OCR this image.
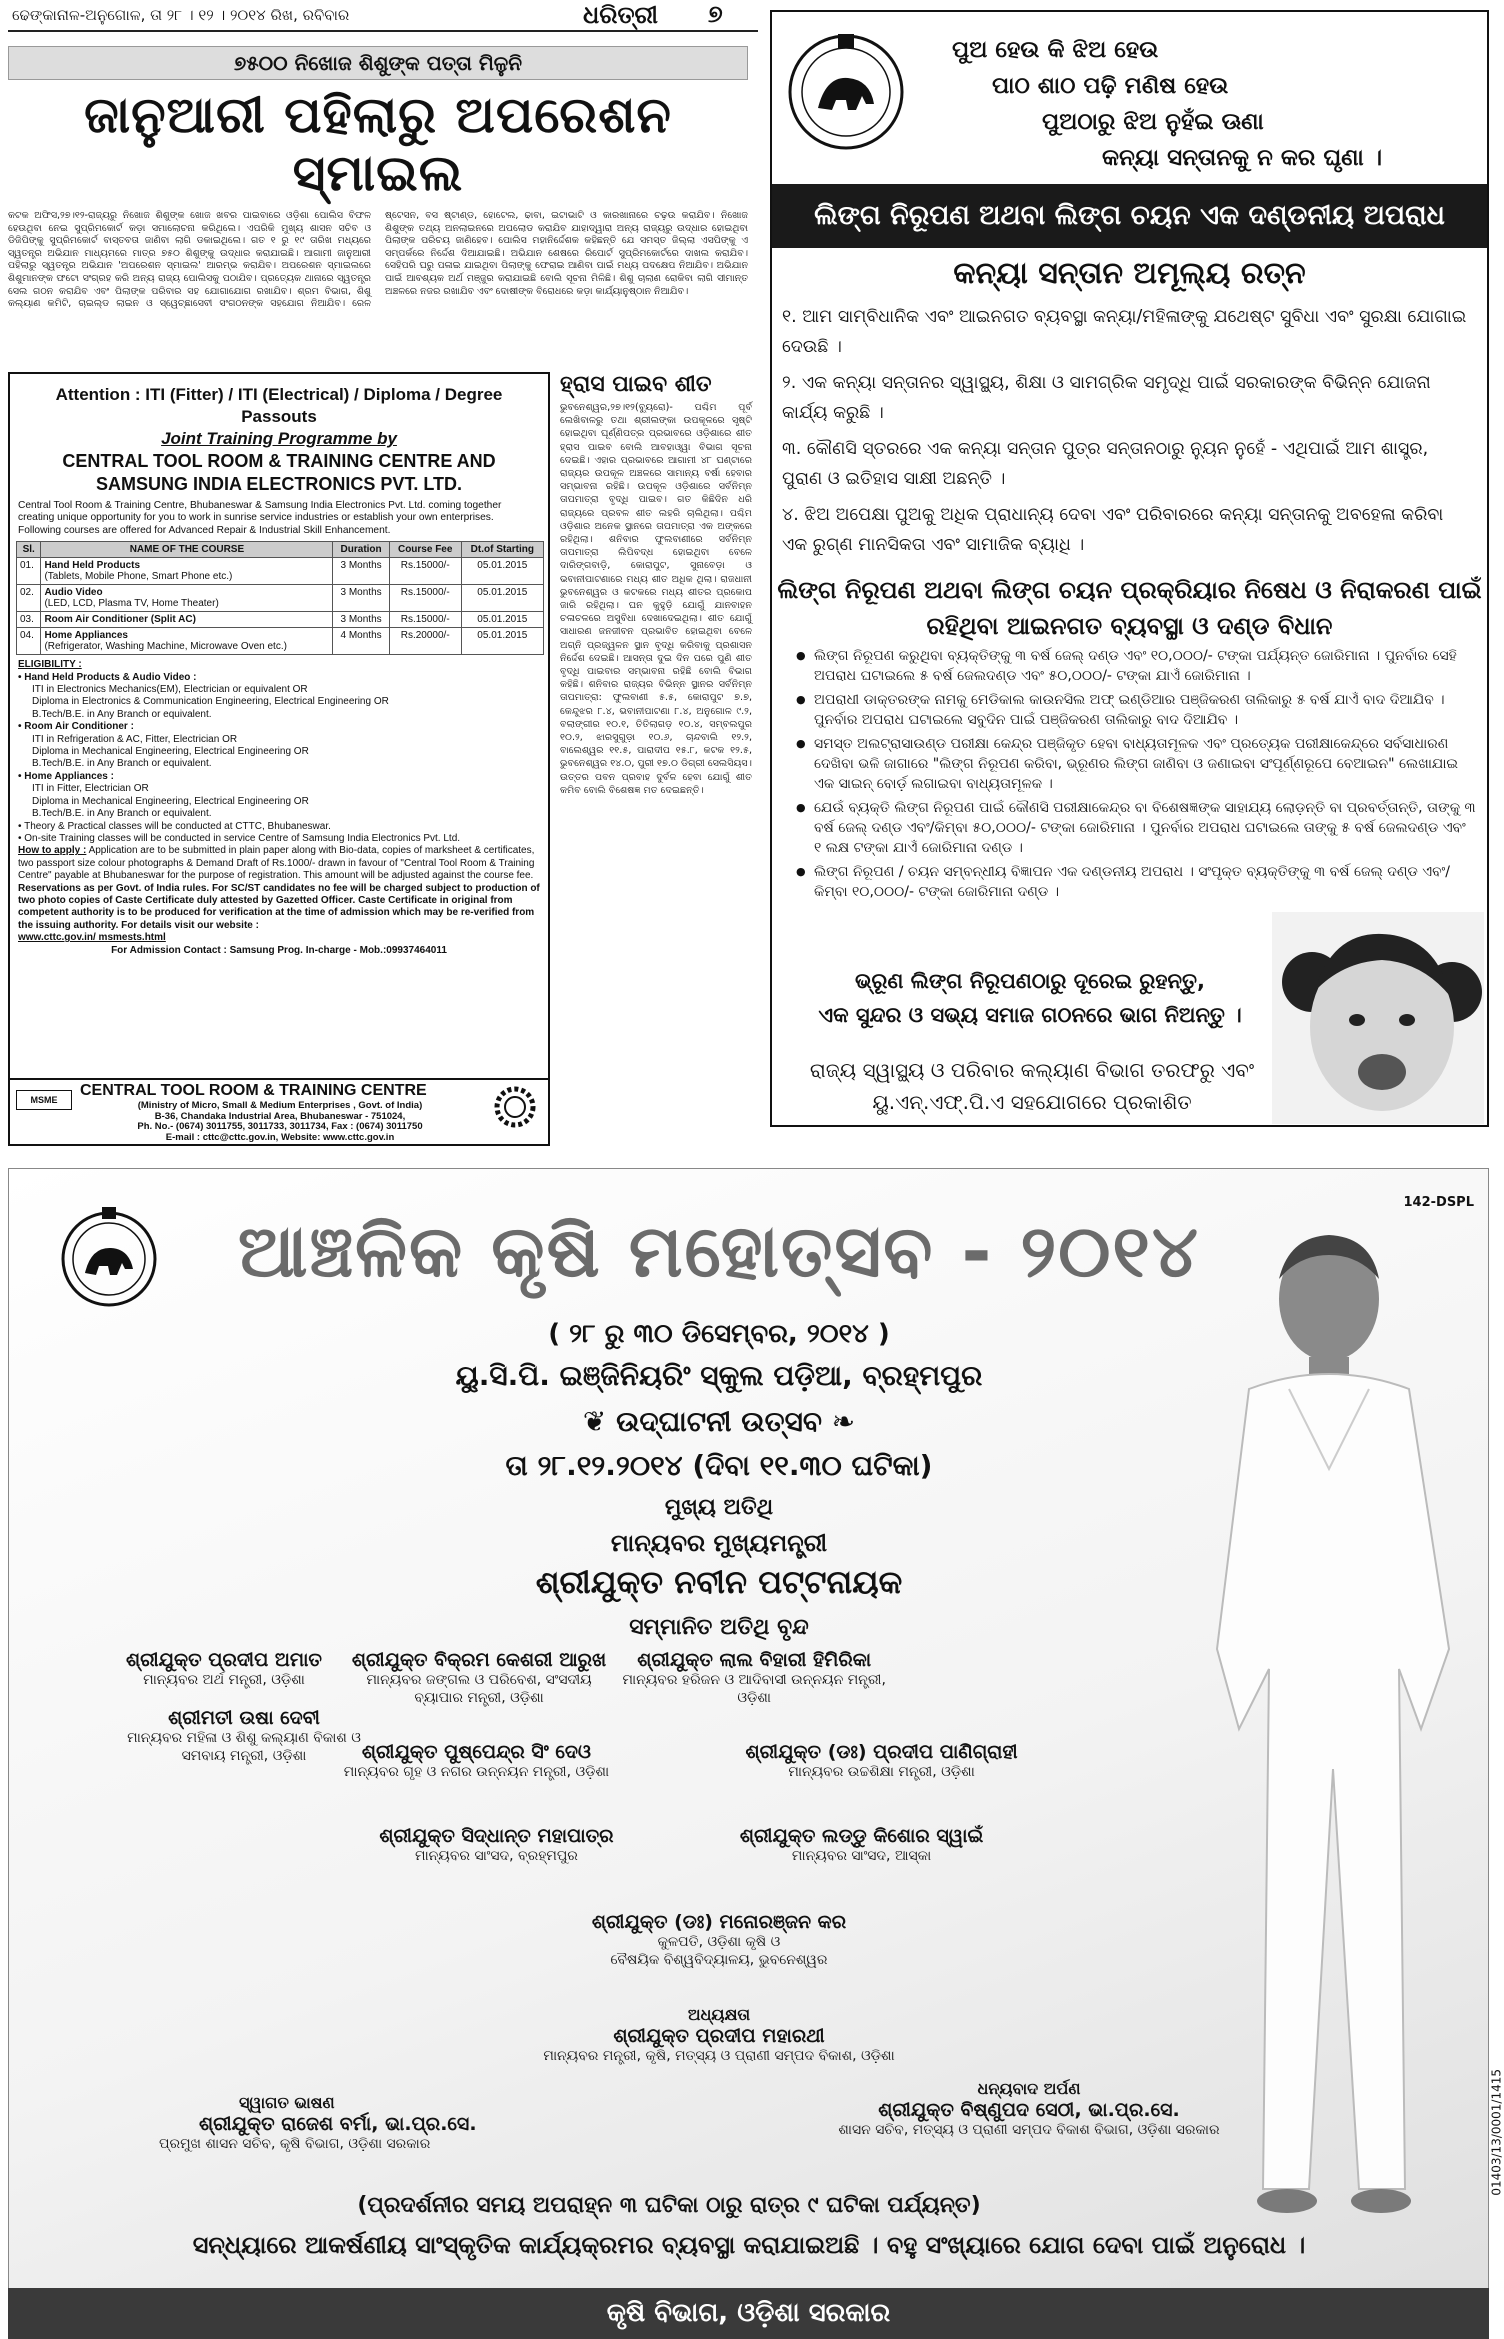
ଢେଙ୍କାନାଳ-ଅନୁଗୋଳ, ତା ୨୮ । ୧୨ । ୨୦୧୪ ରିଖ, ରବିବାର	ଧରିତ୍ରୀ ୭
୭୫୦୦ ନିଖୋଜ ଶିଶୁଙ୍କ ପତ୍ତା ମିଳୁନି
ଜାନୁଆରୀ ପହିଲାରୁ ଅପରେଶନ ସ୍ମାଇଲ
କଟକ ଅଫିସ,୨୭।୧୨-ରାଜ୍ୟରୁ ନିଖୋଜ ଶିଶୁଙ୍କ ଖୋଜ ଖବର ପାଇବାରେ ଓଡ଼ିଶା ପୋଲିସ ବିଫଳ ହେଉଥିବା ନେଇ ସୁପ୍ରିମକୋର୍ଟ କଡ଼ା ସମାଲୋଚନା କରିଥିଲେ। ଏପରିକି ମୁଖ୍ୟ ଶାସନ ସଚିବ ଓ ଡିଜିପିଙ୍କୁ ସୁପ୍ରିମକୋର୍ଟ ବାସ୍ତବତା ଜାଣିବା ଲାଗି ଡକାଇଥିଲେ। ଗତ ୧ ରୁ ୧୯ ତାରିଖ ମଧ୍ୟରେ ସ୍ୱତନ୍ତ୍ର ଅଭିଯାନ ମାଧ୍ୟମରେ ମାତ୍ର ୭୫୦ ଶିଶୁଙ୍କୁ ଉଦ୍ଧାର କରାଯାଇଛି। ଆଗାମୀ ଜାନୁଆରୀ ପହିଲାରୁ ସ୍ୱତନ୍ତ୍ର ଅଭିଯାନ 'ଅପରେଶନ ସ୍ମାଇଲ' ଆରମ୍ଭ କରାଯିବ। ଅପରେଶନ ସ୍ମାଇଲରେ ଶିଶୁମାନଙ୍କ ଫଟୋ ସଂଗ୍ରହ କରି ଅନ୍ୟ ରାଜ୍ୟ ପୋଲିସକୁ ପଠାଯିବ। ପ୍ରତ୍ୟେକ ଥାନାରେ ସ୍ୱତନ୍ତ୍ର ସେଲ ଗଠନ କରାଯିବ ଏବଂ ପିଲାଙ୍କ ପରିବାର ସହ ଯୋଗାଯୋଗ ରଖାଯିବ। ଶ୍ରମ ବିଭାଗ, ଶିଶୁ କଲ୍ୟାଣ କମିଟି, ଚାଇଲ୍ଡ ଲାଇନ ଓ ସ୍ୱେଚ୍ଛାସେବୀ ସଂଗଠନଙ୍କ ସହଯୋଗ ନିଆଯିବ। ରେଳ ଷ୍ଟେସନ, ବସ ଷ୍ଟାଣ୍ଡ, ହୋଟେଲ, ଢାବା, ଇଟାଭାଟି ଓ କାରଖାନାରେ ଚଢ଼ଉ କରାଯିବ। ନିଖୋଜ ଶିଶୁଙ୍କ ତଥ୍ୟ ଅନଲାଇନରେ ଅପଲୋଡ କରାଯିବ ଯାହାଦ୍ୱାରା ଅନ୍ୟ ରାଜ୍ୟରୁ ଉଦ୍ଧାର ହୋଇଥିବା ପିଲାଙ୍କ ପରିଚୟ ଜାଣିହେବ। ପୋଲିସ ମହାନିର୍ଦ୍ଦେଶକ କହିଛନ୍ତି ଯେ ସମସ୍ତ ଜିଲ୍ଲା ଏସପିଙ୍କୁ ଏ ସମ୍ପର୍କରେ ନିର୍ଦ୍ଦେଶ ଦିଆଯାଇଛି। ଅଭିଯାନ ଶେଷରେ ରିପୋର୍ଟ ସୁପ୍ରିମକୋର୍ଟରେ ଦାଖଲ କରାଯିବ। ସେହିପରି ଘରୁ ପଳାଇ ଯାଇଥିବା ପିଲାଙ୍କୁ ଫେରାଇ ଆଣିବା ପାଇଁ ମଧ୍ୟ ପଦକ୍ଷେପ ନିଆଯିବ। ଅଭିଯାନ ପାଇଁ ଆବଶ୍ୟକ ଅର୍ଥ ମଞ୍ଜୁର କରାଯାଇଛି ବୋଲି ସୂଚନା ମିଳିଛି। ଶିଶୁ ଚାଲାଣ ରୋକିବା ଲାଗି ସୀମାନ୍ତ ଅଞ୍ଚଳରେ ନଜର ରଖାଯିବ ଏବଂ ଦୋଷୀଙ୍କ ବିରୋଧରେ କଡ଼ା କାର୍ଯ୍ୟାନୁଷ୍ଠାନ ନିଆଯିବ।
Attention : ITI (Fitter) / ITI (Electrical) / Diploma / Degree Passouts
Joint Training Programme by
CENTRAL TOOL ROOM & TRAINING CENTRE AND SAMSUNG INDIA ELECTRONICS PVT. LTD.
Central Tool Room & Training Centre, Bhubaneswar & Samsung India Electronics Pvt. Ltd. coming together creating unique opportunity for you to work in sunrise service industries or establish your own enterprises.
Following courses are offered for Advanced Repair & Industrial Skill Enhancement.
Sl.	NAME OF THE COURSE	Duration	Course Fee	Dt.of Starting
01.	Hand Held Products
(Tablets, Mobile Phone, Smart Phone etc.)	3 Months	Rs.15000/-	05.01.2015
02.	Audio Video
(LED, LCD, Plasma TV, Home Theater)	3 Months	Rs.15000/-	05.01.2015
03.	Room Air Conditioner (Split AC)	3 Months	Rs.15000/-	05.01.2015
04.	Home Appliances
(Refrigerator, Washing Machine, Microwave Oven etc.)	4 Months	Rs.20000/-	05.01.2015
ELIGIBILITY :
• Hand Held Products & Audio Video :
ITI in Electronics Mechanics(EM), Electrician or equivalent OR
Diploma in Electronics & Communication Engineering, Electrical Engineering OR
B.Tech/B.E. in Any Branch or equivalent.
• Room Air Conditioner :
ITI in Refrigeration & AC, Fitter, Electrician OR
Diploma in Mechanical Engineering, Electrical Engineering OR
B.Tech/B.E. in Any Branch or equivalent.
• Home Appliances :
ITI in Fitter, Electrician OR
Diploma in Mechanical Engineering, Electrical Engineering OR
B.Tech/B.E. in Any Branch or equivalent.
• Theory & Practical classes will be conducted at CTTC, Bhubaneswar.
• On-site Training classes will be conducted in service Centre of Samsung India Electronics Pvt. Ltd.
How to apply : Application are to be submitted in plain paper along with Bio-data, copies of marksheet & certificates, two passport size colour photographs & Demand Draft of Rs.1000/- drawn in favour of "Central Tool Room & Training Centre" payable at Bhubaneswar for the purpose of registration. This amount will be adjusted against the course fee.
Reservations as per Govt. of India rules. For SC/ST candidates no fee will be charged subject to production of two photo copies of Caste Certificate duly attested by Gazetted Officer. Caste Certificate in original from competent authority is to be produced for verification at the time of admission which may be re-verified from the issuing authority. For details visit our website :
www.cttc.gov.in/ msmests.html
For Admission Contact : Samsung Prog. In-charge - Mob.:09937464011
MSME
CENTRAL TOOL ROOM & TRAINING CENTRE
(Ministry of Micro, Small & Medium Enterprises , Govt. of India)
B-36, Chandaka Industrial Area, Bhubaneswar - 751024,
Ph. No.- (0674) 3011755, 3011733, 3011734, Fax : (0674) 3011750
E-mail : cttc@cttc.gov.in, Website: www.cttc.gov.in
ହ୍ରାସ ପାଇବ ଶୀତ
ଭୁବନେଶ୍ୱର,୨୭।୧୨(ବ୍ୟୁରୋ)- ପଶ୍ଚିମ ପୂର୍ବ ଲେଖିବାଳରୁ ତଥା ଶ୍ରୀଲଙ୍କା ଉପକୂଳରେ ସୃଷ୍ଟି ହୋଇଥିବା ଘୂର୍ଣ୍ଣିପତ୍ର ପ୍ରଭାବରେ ଓଡ଼ିଶାରେ ଶୀତ ହ୍ରାସ ପାଇବ ବୋଲି ଆବହାଓ୍ୱା ବିଭାଗ ସୂଚନା ଦେଇଛି। ଏହାର ପ୍ରଭାବରେ ଆଗାମୀ ୪୮ ଘଣ୍ଟାରେ ରାଜ୍ୟର ଉପକୂଳ ଅଞ୍ଚଳରେ ସାମାନ୍ୟ ବର୍ଷା ହେବାର ସମ୍ଭାବନା ରହିଛି। ଉପକୂଳ ଓଡ଼ିଶାରେ ସର୍ବନିମ୍ନ ତାପମାତ୍ରା ବୃଦ୍ଧି ପାଇବ। ଗତ କିଛିଦିନ ଧରି ରାଜ୍ୟରେ ପ୍ରବଳ ଶୀତ ଲହରି ଚାଲିଥିଲା। ପଶ୍ଚିମ ଓଡ଼ିଶାର ଅନେକ ସ୍ଥାନରେ ତାପମାତ୍ରା ଏକ ଅଙ୍କରେ ରହିଥିଲା। ଶନିବାର ଫୁଲବାଣୀରେ ସର୍ବନିମ୍ନ ତାପମାତ୍ରା ଲିପିବଦ୍ଧ ହୋଇଥିବା ବେଳେ ଦାରିଙ୍ଗବାଡ଼ି, କୋରାପୁଟ, ସୁନାବେଡ଼ା ଓ ଭବାନୀପାଟଣାରେ ମଧ୍ୟ ଶୀତ ଅଧିକ ଥିଲା। ରାଜଧାନୀ ଭୁବନେଶ୍ୱର ଓ କଟକରେ ମଧ୍ୟ ଶୀତର ପ୍ରକୋପ ଜାରି ରହିଥିଲା। ଘନ କୁହୁଡ଼ି ଯୋଗୁଁ ଯାନବାହନ ଚଳାଚଳରେ ଅସୁବିଧା ଦେଖାଦେଇଥିଲା। ଶୀତ ଯୋଗୁଁ ସାଧାରଣ ଜନଜୀବନ ପ୍ରଭାବିତ ହୋଇଥିବା ବେଳେ ଅଗ୍ନି ପ୍ରଜ୍ୱଳନ ସ୍ଥାନ ବୃଦ୍ଧି କରିବାକୁ ପ୍ରଶାସନ ନିର୍ଦ୍ଦେଶ ଦେଇଛି। ଆସନ୍ତା ଦୁଇ ଦିନ ପରେ ପୁଣି ଶୀତ ବୃଦ୍ଧି ପାଇବାର ସମ୍ଭାବନା ରହିଛି ବୋଲି ବିଭାଗ କହିଛି। ଶନିବାର ରାଜ୍ୟର ବିଭିନ୍ନ ସ୍ଥାନର ସର୍ବନିମ୍ନ ତାପମାତ୍ରା: ଫୁଲବାଣୀ ୫.୫, କୋରାପୁଟ ୭.୭, କେନ୍ଦୁଝର ୮.୪, ଭବାନୀପାଟଣା ୮.୪, ଅନୁଗୋଳ ୯.୨, ବଲାଙ୍ଗୀର ୧୦.୧, ତିତିଲାଗଡ଼ ୧୦.୪, ସମ୍ବଲପୁର ୧୦.୨, ଝାରସୁଗୁଡ଼ା ୧୦.୬, ଚାନ୍ଦବାଲି ୧୨.୨, ବାଲେଶ୍ୱର ୧୧.୫, ପାରାଦୀପ ୧୫.୮, କଟକ ୧୨.୫, ଭୁବନେଶ୍ୱର ୧୪.୦, ପୁରୀ ୧୭.୦ ଡିଗ୍ରୀ ସେଲସିୟସ। ଉତ୍ତର ପବନ ପ୍ରବାହ ଦୁର୍ବଳ ହେବା ଯୋଗୁଁ ଶୀତ କମିବ ବୋଲି ବିଶେଷଜ୍ଞ ମତ ଦେଇଛନ୍ତି।
ପୁଅ ହେଉ କି ଝିଅ ହେଉ
ପାଠ ଶାଠ ପଢ଼ି ମଣିଷ ହେଉ
ପୁଅଠାରୁ ଝିଅ ନୁହଁଇ ଊଣା
କନ୍ୟା ସନ୍ତାନକୁ ନ କର ଘୃଣା ।
ଲିଙ୍ଗ ନିରୂପଣ ଅଥବା ଲିଙ୍ଗ ଚୟନ ଏକ ଦଣ୍ଡନୀୟ ଅପରାଧ
କନ୍ୟା ସନ୍ତାନ ଅମୂଲ୍ୟ ରତ୍ନ
୧. ଆମ ସାମ୍ବିଧାନିକ ଏବଂ ଆଇନଗତ ବ୍ୟବସ୍ଥା କନ୍ୟା/ମହିଳାଙ୍କୁ ଯଥେଷ୍ଟ ସୁବିଧା ଏବଂ ସୁରକ୍ଷା ଯୋଗାଇ ଦେଉଛି ।
୨. ଏକ କନ୍ୟା ସନ୍ତାନର ସ୍ୱାସ୍ଥ୍ୟ, ଶିକ୍ଷା ଓ ସାମଗ୍ରିକ ସମୃଦ୍ଧି ପାଇଁ ସରକାରଙ୍କ ବିଭିନ୍ନ ଯୋଜନା କାର୍ଯ୍ୟ କରୁଛି ।
୩. କୌଣସି ସ୍ତରରେ ଏକ କନ୍ୟା ସନ୍ତାନ ପୁତ୍ର ସନ୍ତାନଠାରୁ ନ୍ୟୁନ ନୁହେଁ - ଏଥିପାଇଁ ଆମ ଶାସ୍ତ୍ର, ପୁରାଣ ଓ ଇତିହାସ ସାକ୍ଷୀ ଅଛନ୍ତି ।
୪. ଝିଅ ଅପେକ୍ଷା ପୁଅକୁ ଅଧିକ ପ୍ରାଧାନ୍ୟ ଦେବା ଏବଂ ପରିବାରରେ କନ୍ୟା ସନ୍ତାନକୁ ଅବହେଳା କରିବା ଏକ ରୁଗ୍ଣ ମାନସିକତା ଏବଂ ସାମାଜିକ ବ୍ୟାଧି ।
ଲିଙ୍ଗ ନିରୂପଣ ଅଥବା ଲିଙ୍ଗ ଚୟନ ପ୍ରକ୍ରିୟାର ନିଷେଧ ଓ ନିରାକରଣ ପାଇଁ ରହିଥିବା ଆଇନଗତ ବ୍ୟବସ୍ଥା ଓ ଦଣ୍ଡ ବିଧାନ
● ଲିଙ୍ଗ ନିରୂପଣ କରୁଥିବା ବ୍ୟକ୍ତିଙ୍କୁ ୩ ବର୍ଷ ଜେଲ୍ ଦଣ୍ଡ ଏବଂ ୧୦,୦୦୦/- ଟଙ୍କା ପର୍ଯ୍ୟନ୍ତ ଜୋରିମାନା । ପୁନର୍ବାର ସେହି ଅପରାଧ ଘଟାଇଲେ ୫ ବର୍ଷ ଜେଲଦଣ୍ଡ ଏବଂ ୫୦,୦୦୦/- ଟଙ୍କା ଯାଏଁ ଜୋରିମାନା ।
● ଅପରାଧୀ ଡାକ୍ତରଙ୍କ ନାମକୁ ମେଡିକାଲ କାଉନସିଲ ଅଫ୍ ଇଣ୍ଡିଆର ପଞ୍ଜିକରଣ ତାଲିକାରୁ ୫ ବର୍ଷ ଯାଏଁ ବାଦ ଦିଆଯିବ । ପୁନର୍ବାର ଅପରାଧ ଘଟାଇଲେ ସବୁଦିନ ପାଇଁ ପଞ୍ଜିକରଣ ତାଲିକାରୁ ବାଦ ଦିଆଯିବ ।
● ସମସ୍ତ ଅଲଟ୍ରାସାଉଣ୍ଡ ପରୀକ୍ଷା କେନ୍ଦ୍ର ପଞ୍ଜିକୃତ ହେବା ବାଧ୍ୟତାମୂଳକ ଏବଂ ପ୍ରତ୍ୟେକ ପରୀକ୍ଷାକେନ୍ଦ୍ରେ ସର୍ବସାଧାରଣ ଦେଖିବା ଭଳି ଜାଗାରେ "ଲିଙ୍ଗ ନିରୂପଣ କରିବା, ଭ୍ରୂଣର ଲିଙ୍ଗ ଜାଣିବା ଓ ଜଣାଇବା ସଂପୂର୍ଣ୍ଣରୂପେ ବେଆଇନ" ଲେଖାଯାଇ ଏକ ସାଇନ୍ ବୋର୍ଡ଼ ଲଗାଇବା ବାଧ୍ୟତାମୂଳକ ।
● ଯେଉଁ ବ୍ୟକ୍ତି ଲିଙ୍ଗ ନିରୂପଣ ପାଇଁ କୌଣସି ପରୀକ୍ଷାକେନ୍ଦ୍ର ବା ବିଶେଷଜ୍ଞଙ୍କ ସାହାଯ୍ୟ ଲୋଡ଼ନ୍ତି ବା ପ୍ରବର୍ତ୍ତାନ୍ତି, ତାଙ୍କୁ ୩ ବର୍ଷ ଜେଲ୍ ଦଣ୍ଡ ଏବଂ/କିମ୍ବା ୫୦,୦୦୦/- ଟଙ୍କା ଜୋରିମାନା । ପୁନର୍ବାର ଅପରାଧ ଘଟାଇଲେ ତାଙ୍କୁ ୫ ବର୍ଷ ଜେଲଦଣ୍ଡ ଏବଂ ୧ ଲକ୍ଷ ଟଙ୍କା ଯାଏଁ ଜୋରିମାନା ଦଣ୍ଡ ।
● ଲିଙ୍ଗ ନିରୂପଣ / ଚୟନ ସମ୍ବନ୍ଧୀୟ ବିଜ୍ଞାପନ ଏକ ଦଣ୍ଡନୀୟ ଅପରାଧ । ସଂପୃକ୍ତ ବ୍ୟକ୍ତିଙ୍କୁ ୩ ବର୍ଷ ଜେଲ୍ ଦଣ୍ଡ ଏବଂ/କିମ୍ବା ୧୦,୦୦୦/- ଟଙ୍କା ଜୋରିମାନା ଦଣ୍ଡ ।
ଭ୍ରୂଣ ଲିଙ୍ଗ ନିରୂପଣଠାରୁ ଦୂରେଇ ରୁହନ୍ତୁ,
ଏକ ସୁନ୍ଦର ଓ ସଭ୍ୟ ସମାଜ ଗଠନରେ ଭାଗ ନିଅନ୍ତୁ ।
ରାଜ୍ୟ ସ୍ୱାସ୍ଥ୍ୟ ଓ ପରିବାର କଲ୍ୟାଣ ବିଭାଗ ତରଫରୁ ଏବଂ
ୟୁ.ଏନ୍.ଏଫ୍.ପି.ଏ ସହଯୋଗରେ ପ୍ରକାଶିତ
142-DSPL
ଆଞ୍ଚଳିକ କୃଷି ମହୋତ୍ସବ - ୨୦୧୪
( ୨୮ ରୁ ୩୦ ଡିସେମ୍ବର, ୨୦୧୪ )
ୟୁ.ସି.ପି. ଇଞ୍ଜିନିୟରିଂ ସ୍କୁଲ ପଡ଼ିଆ, ବ୍ରହ୍ମପୁର
❦ ଉଦ୍‌ଘାଟନୀ ଉତ୍ସବ ❧
ତା ୨୮.୧୨.୨୦୧୪ (ଦିବା ୧୧.୩୦ ଘଟିକା)
ମୁଖ୍ୟ ଅତିଥି
ମାନ୍ୟବର ମୁଖ୍ୟମନ୍ତ୍ରୀ
ଶ୍ରୀଯୁକ୍ତ ନବୀନ ପଟ୍ଟନାୟକ
ସମ୍ମାନିତ ଅତିଥି ବୃନ୍ଦ
ଶ୍ରୀଯୁକ୍ତ ପ୍ରଦୀପ ଅମାତ
ମାନ୍ୟବର ଅର୍ଥ ମନ୍ତ୍ରୀ, ଓଡ଼ିଶା

ଶ୍ରୀଯୁକ୍ତ ବିକ୍ରମ କେଶରୀ ଆରୁଖ
ମାନ୍ୟବର ଜଙ୍ଗଲ ଓ ପରିବେଶ, ସଂସଦୀୟ ବ୍ୟାପାର ମନ୍ତ୍ରୀ, ଓଡ଼ିଶା

ଶ୍ରୀଯୁକ୍ତ ଲାଲ ବିହାରୀ ହିମିରିକା
ମାନ୍ୟବର ହରିଜନ ଓ ଆଦିବାସୀ ଉନ୍ନୟନ ମନ୍ତ୍ରୀ, ଓଡ଼ିଶା

ଶ୍ରୀମତୀ ଉଷା ଦେବୀ
ମାନ୍ୟବର ମହିଳା ଓ ଶିଶୁ କଲ୍ୟାଣ ବିକାଶ ଓ ସମବାୟ ମନ୍ତ୍ରୀ, ଓଡ଼ିଶା	ଶ୍ରୀଯୁକ୍ତ ପୁଷ୍ପେନ୍ଦ୍ର ସିଂ ଦେଓ
ମାନ୍ୟବର ଗୃହ ଓ ନଗର ଉନ୍ନୟନ ମନ୍ତ୍ରୀ, ଓଡ଼ିଶା

ଶ୍ରୀଯୁକ୍ତ (ଡଃ) ପ୍ରଦୀପ ପାଣିଗ୍ରାହୀ
ମାନ୍ୟବର ଉଚ୍ଚଶିକ୍ଷା ମନ୍ତ୍ରୀ, ଓଡ଼ିଶା
ଶ୍ରୀଯୁକ୍ତ ସିଦ୍ଧାନ୍ତ ମହାପାତ୍ର
ମାନ୍ୟବର ସାଂସଦ, ବ୍ରହ୍ମପୁର

ଶ୍ରୀଯୁକ୍ତ ଲଡ୍ଡୁ କିଶୋର ସ୍ୱାଇଁ
ମାନ୍ୟବର ସାଂସଦ, ଆସ୍କା
ଶ୍ରୀଯୁକ୍ତ (ଡଃ) ମନୋରଞ୍ଜନ କର
କୁଳପତି, ଓଡ଼ିଶା କୃଷି ଓ
ବୈଷୟିକ ବିଶ୍ୱବିଦ୍ୟାଳୟ, ଭୁବନେଶ୍ୱର
ଅଧ୍ୟକ୍ଷତା
ଶ୍ରୀଯୁକ୍ତ ପ୍ରଦୀପ ମହାରଥୀ
ମାନ୍ୟବର ମନ୍ତ୍ରୀ, କୃଷି, ମତ୍ସ୍ୟ ଓ ପ୍ରାଣୀ ସମ୍ପଦ ବିକାଶ, ଓଡ଼ିଶା
ସ୍ୱାଗତ ଭାଷଣ
ଶ୍ରୀଯୁକ୍ତ ରାଜେଶ ବର୍ମା, ଭା.ପ୍ର.ସେ.
ପ୍ରମୁଖ ଶାସନ ସଚିବ, କୃଷି ବିଭାଗ, ଓଡ଼ିଶା ସରକାର
ଧନ୍ୟବାଦ ଅର୍ପଣ
ଶ୍ରୀଯୁକ୍ତ ବିଷ୍ଣୁପଦ ସେଠୀ, ଭା.ପ୍ର.ସେ.
ଶାସନ ସଚିବ, ମତ୍ସ୍ୟ ଓ ପ୍ରାଣୀ ସମ୍ପଦ ବିକାଶ ବିଭାଗ, ଓଡ଼ିଶା ସରକାର
(ପ୍ରଦର୍ଶନୀର ସମୟ ଅପରାହ୍ନ ୩ ଘଟିକା ଠାରୁ ରାତ୍ର ୯ ଘଟିକା ପର୍ଯ୍ୟନ୍ତ)
ସନ୍ଧ୍ୟାରେ ଆକର୍ଷଣୀୟ ସାଂସ୍କୃତିକ କାର୍ଯ୍ୟକ୍ରମର ବ୍ୟବସ୍ଥା କରାଯାଇଅଛି । ବହୁ ସଂଖ୍ୟାରେ ଯୋଗ ଦେବା ପାଇଁ ଅନୁରୋଧ ।
01403/13/0001/1415
କୃଷି ବିଭାଗ, ଓଡ଼ିଶା ସରକାର
